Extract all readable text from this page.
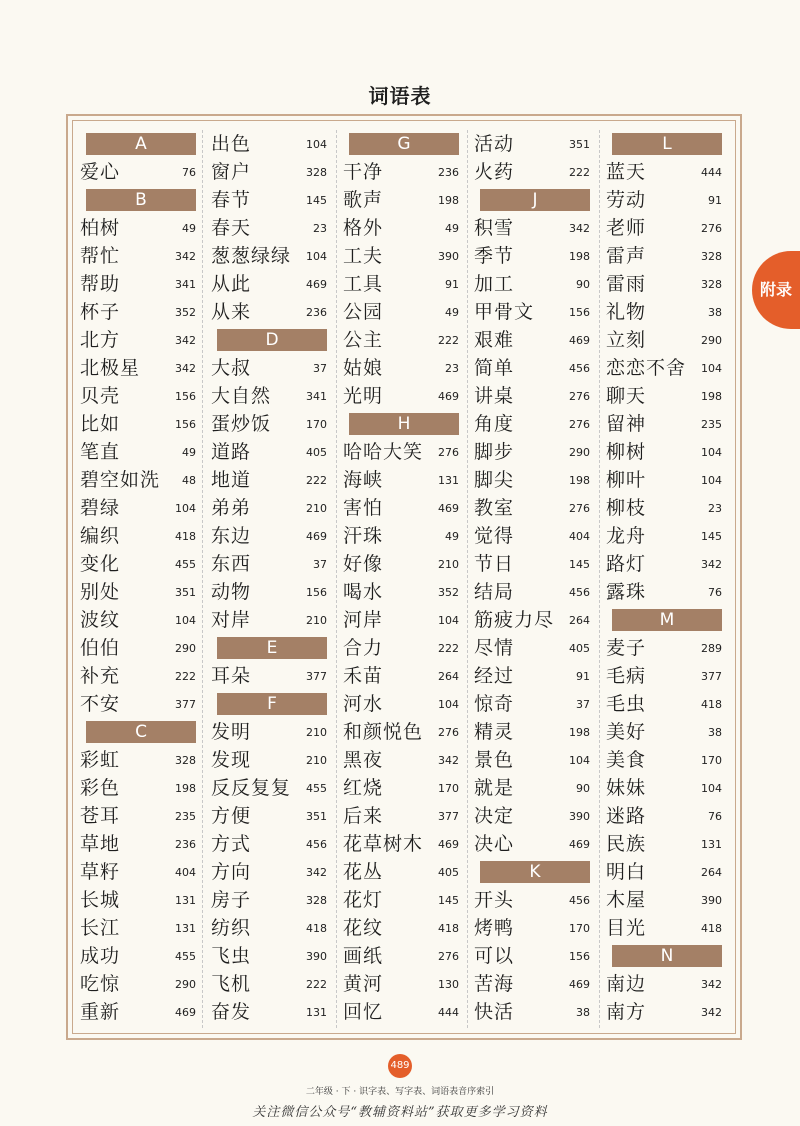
词语表
A
爱心	76
B
柏树	49
帮忙	342
帮助	341
杯子	352
北方	342
北极星	342
贝壳	156
比如	156
笔直	49
碧空如洗 48
碧绿	104
编织	418
变化	455
别处	351
波纹	104
伯伯	290
补充	222
不安	377
C
彩虹	328
彩色	198
苍耳	235
草地	236
草籽	404
长城	131
长江	131
成功	455
吃惊	290
重新	469
出色	104
窗户	328
春节	145
春天	23
葱葱绿绿 104
从此	469
从来	236
D
大叔	37
大自然	341
蛋炒饭	170
道路	405
地道	222
弟弟	210
东边	469
东西	37
动物	156
对岸	210
E
耳朵	377
F
发明	210
发现	210
反反复复 455
方便	351
方式	456
方向	342
房子	328
纺织	418
飞虫	390
飞机	222
奋发	131
G
干净	236
歌声	198
格外	49
工夫	390
工具	91
公园	49
公主	222
姑娘	23
光明	469
H
哈哈大笑 276
海峡	131
害怕	469
汗珠	49
好像	210
喝水	352
河岸	104
合力	222
禾苗	264
河水	104
和颜悦色 276
黑夜	342
红烧	170
后来	377
花草树木 469
花丛	405
花灯	145
花纹	418
画纸	276
黄河	130
回忆	444
活动	351
火药	222
J
积雪	342
季节	198
加工	90
甲骨文	156
艰难	469
简单	456
讲桌	276
角度	276
脚步	290
脚尖	198
教室	276
觉得	404
节日	145
结局	456
筋疲力尽 264
尽情	405
经过	91
惊奇	37
精灵	198
景色	104
就是	90
决定	390
决心	469
K
开头	456
烤鸭	170
可以	156
苦海	469
快活	38
L
蓝天	444
劳动	91
老师	276
雷声	328
雷雨	328
礼物	38
立刻	290
恋恋不舍 104
聊天	198
留神	235
柳树	104
柳叶	104
柳枝	23
龙舟	145
路灯	342
露珠	76
M
麦子	289
毛病	377
毛虫	418
美好	38
美食	170
妹妹	104
迷路	76
民族	131
明白	264
木屋	390
目光	418
N
南边	342
南方	342
附录
489
二年级 · 下 · 识字表、写字表、词语表音序索引
关注微信公众号“教辅资料站”获取更多学习资料
